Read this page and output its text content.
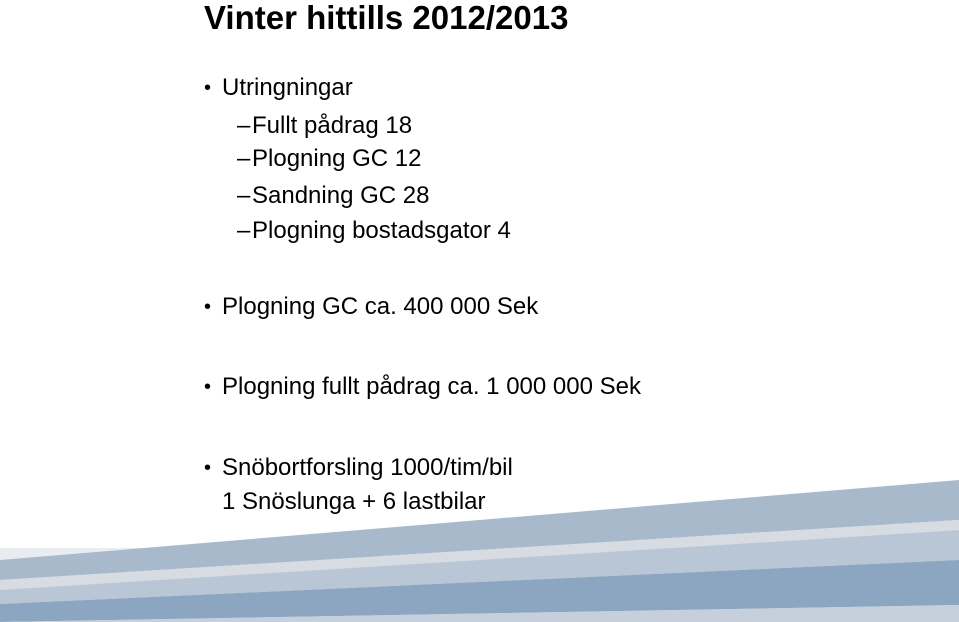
Vinter hittills 2012/2013
• Utringningar
–Fullt pådrag 18
–Plogning GC 12
–Sandning GC 28
–Plogning bostadsgator 4
• Plogning GC ca. 400 000 Sek
• Plogning fullt pådrag ca. 1 000 000 Sek
• Snöbortforsling 1000/tim/bil
1 Snöslunga + 6 lastbilar
